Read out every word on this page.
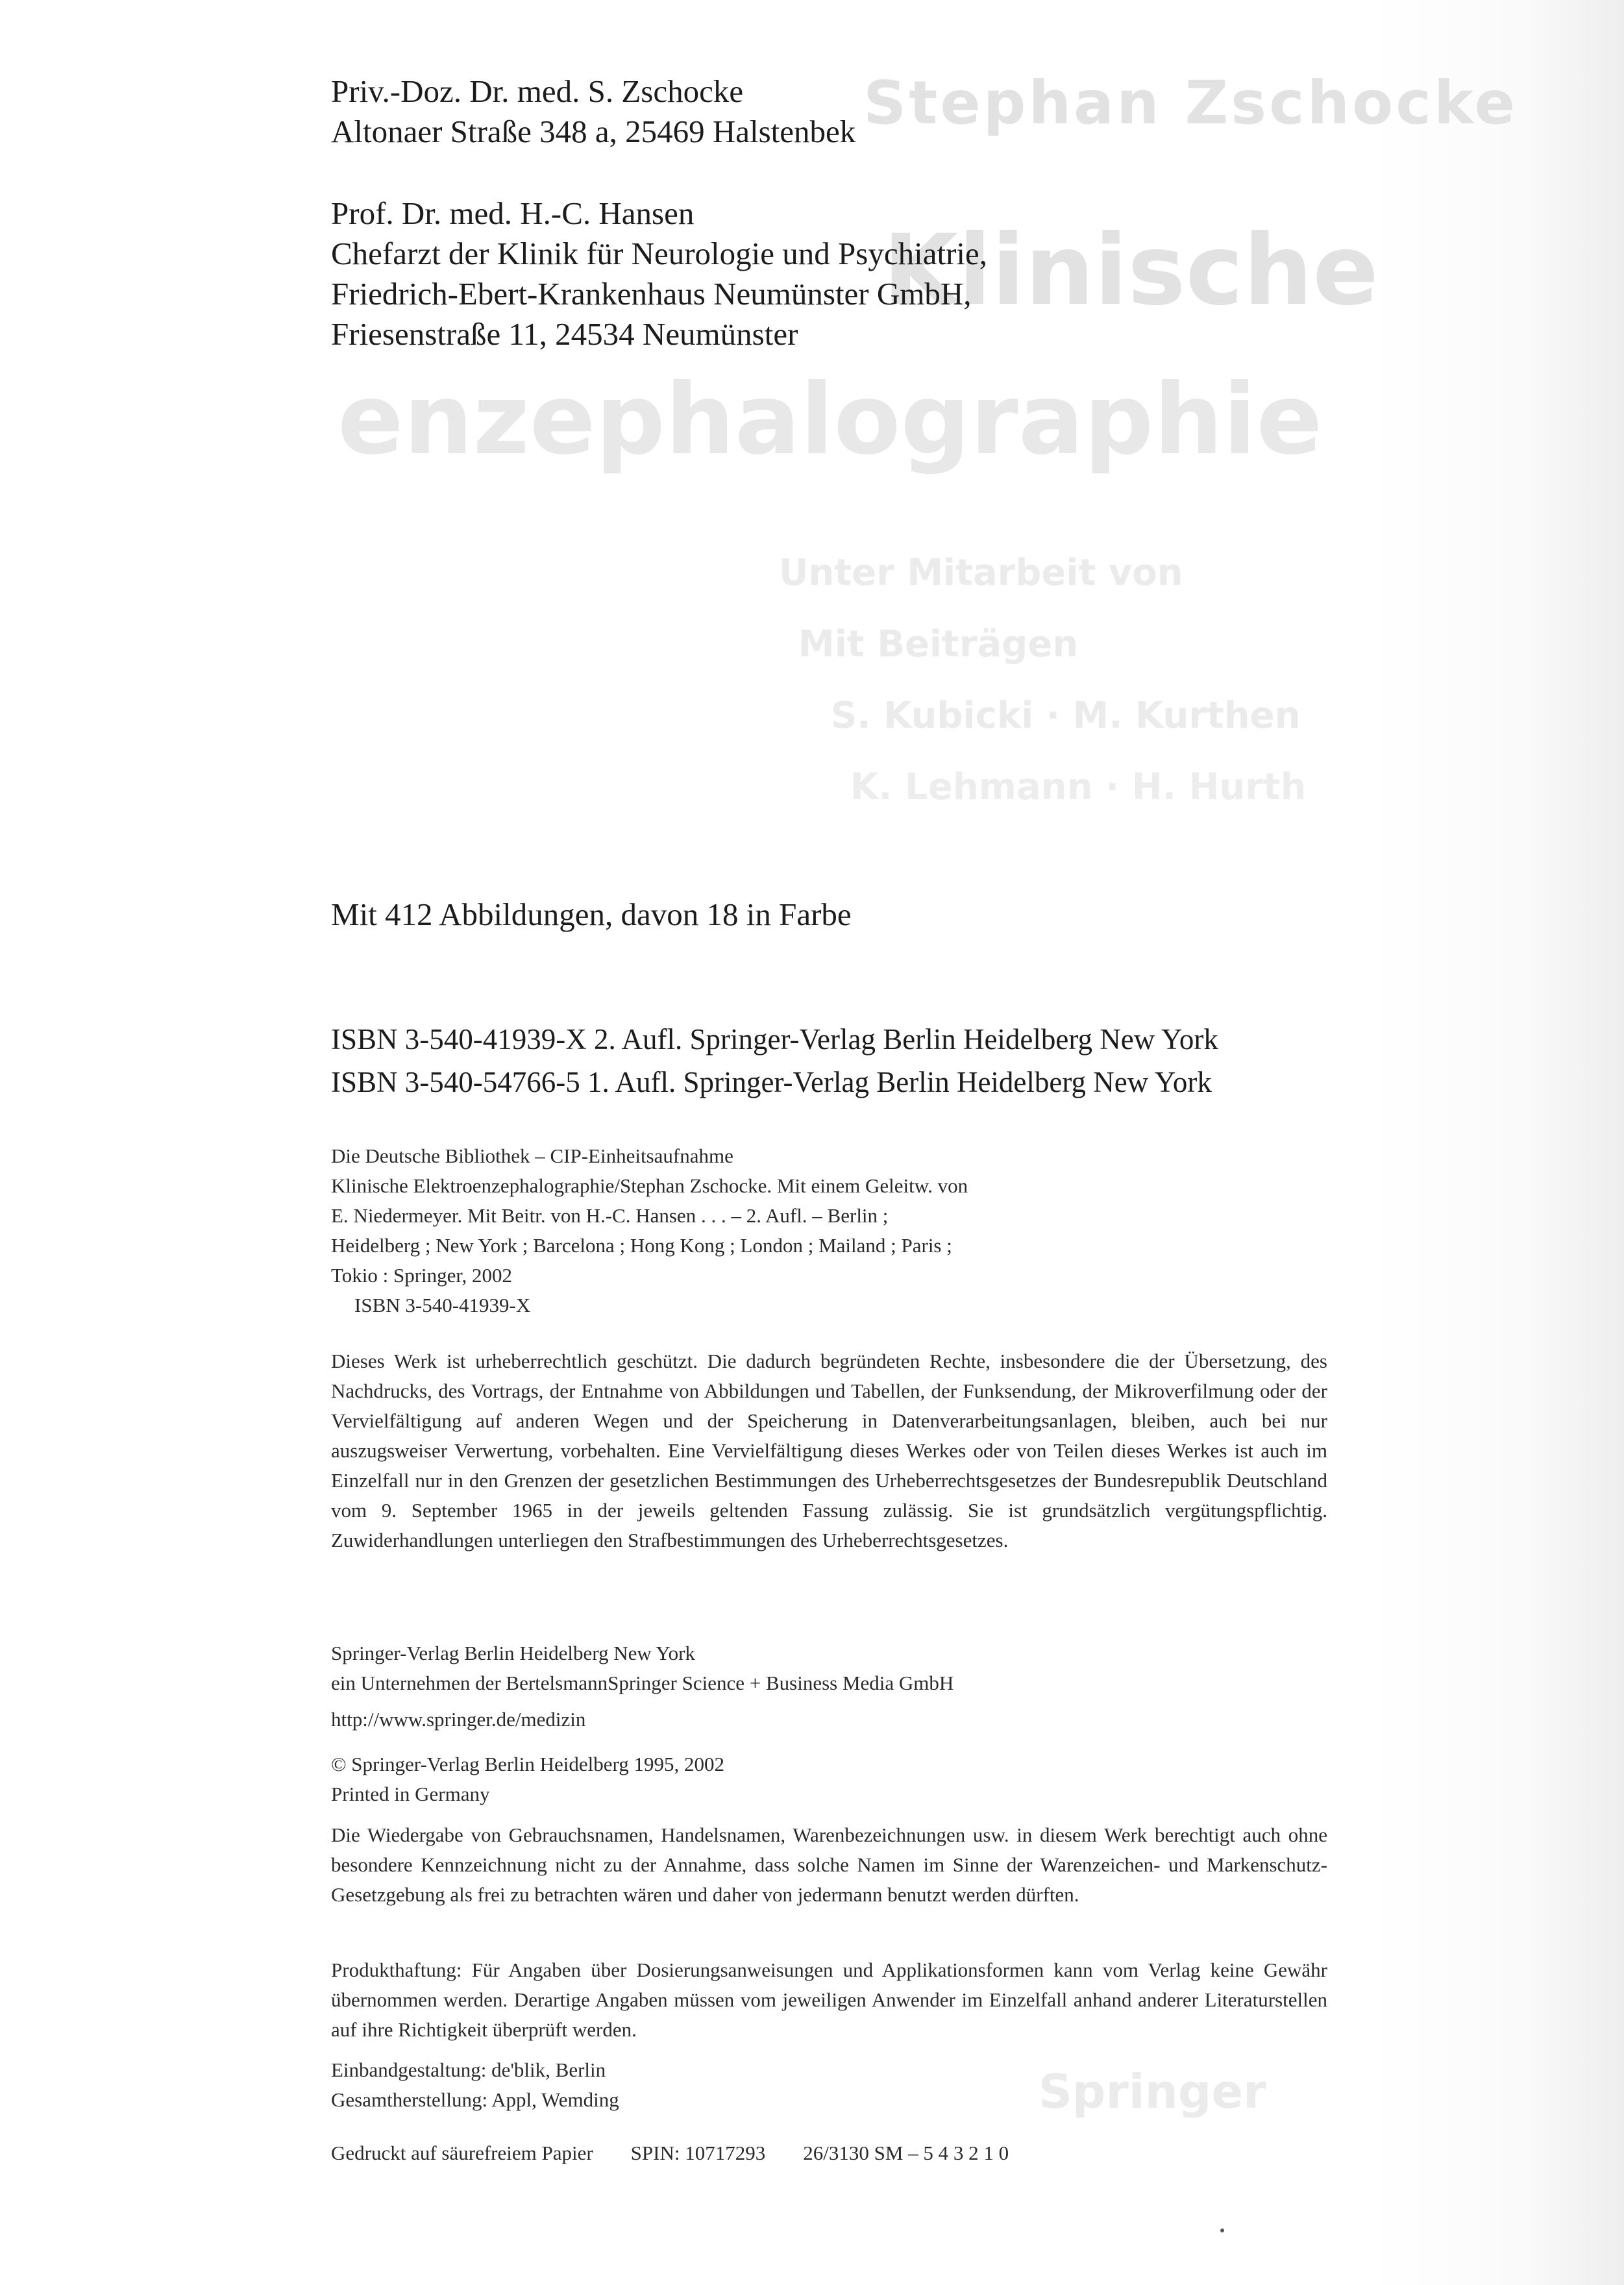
Stephan Zschocke
Klinische
enzephalographie
Unter Mitarbeit von
Mit Beiträgen
S. Kubicki · M. Kurthen
K. Lehmann · H. Hurth
Springer
Priv.-Doz. Dr. med. S. Zschocke
Altonaer Straße 348 a, 25469 Halstenbek
Prof. Dr. med. H.-C. Hansen
Chefarzt der Klinik für Neurologie und Psychiatrie,
Friedrich-Ebert-Krankenhaus Neumünster GmbH,
Friesenstraße 11, 24534 Neumünster
Mit 412 Abbildungen, davon 18 in Farbe
ISBN 3-540-41939-X 2. Aufl. Springer-Verlag Berlin Heidelberg New York
ISBN 3-540-54766-5 1. Aufl. Springer-Verlag Berlin Heidelberg New York
Die Deutsche Bibliothek – CIP-Einheitsaufnahme
Klinische Elektroenzephalographie/Stephan Zschocke. Mit einem Geleitw. von
E. Niedermeyer. Mit Beitr. von H.-C. Hansen . . . – 2. Aufl. – Berlin ;
Heidelberg ; New York ; Barcelona ; Hong Kong ; London ; Mailand ; Paris ;
Tokio : Springer, 2002
ISBN 3-540-41939-X
Dieses Werk ist urheberrechtlich geschützt. Die dadurch begründeten Rechte, insbesondere die der Übersetzung, des Nachdrucks, des Vortrags, der Entnahme von Abbildungen und Tabellen, der Funksendung, der Mikroverfilmung oder der Vervielfältigung auf anderen Wegen und der Speicherung in Datenverarbeitungsanlagen, bleiben, auch bei nur auszugsweiser Verwertung, vorbehalten. Eine Vervielfältigung dieses Werkes oder von Teilen dieses Werkes ist auch im Einzelfall nur in den Grenzen der gesetzlichen Bestimmungen des Urheberrechtsgesetzes der Bundesrepublik Deutschland vom 9. September 1965 in der jeweils geltenden Fassung zulässig. Sie ist grundsätzlich vergütungspflichtig. Zuwiderhandlungen unterliegen den Strafbestimmungen des Urheberrechtsgesetzes.
Springer-Verlag Berlin Heidelberg New York
ein Unternehmen der BertelsmannSpringer Science + Business Media GmbH
http://www.springer.de/medizin
© Springer-Verlag Berlin Heidelberg 1995, 2002
Printed in Germany
Die Wiedergabe von Gebrauchsnamen, Handelsnamen, Warenbezeichnungen usw. in diesem Werk berechtigt auch ohne besondere Kennzeichnung nicht zu der Annahme, dass solche Namen im Sinne der Warenzeichen- und Markenschutz-Gesetzgebung als frei zu betrachten wären und daher von jedermann benutzt werden dürften.
Produkthaftung: Für Angaben über Dosierungsanweisungen und Applikationsformen kann vom Verlag keine Gewähr übernommen werden. Derartige Angaben müssen vom jeweiligen Anwender im Einzelfall anhand anderer Literaturstellen auf ihre Richtigkeit überprüft werden.
Einbandgestaltung: de'blik, Berlin
Gesamtherstellung: Appl, Wemding
Gedruckt auf säurefreiem Papier SPIN: 10717293 26/3130 SM – 5 4 3 2 1 0
